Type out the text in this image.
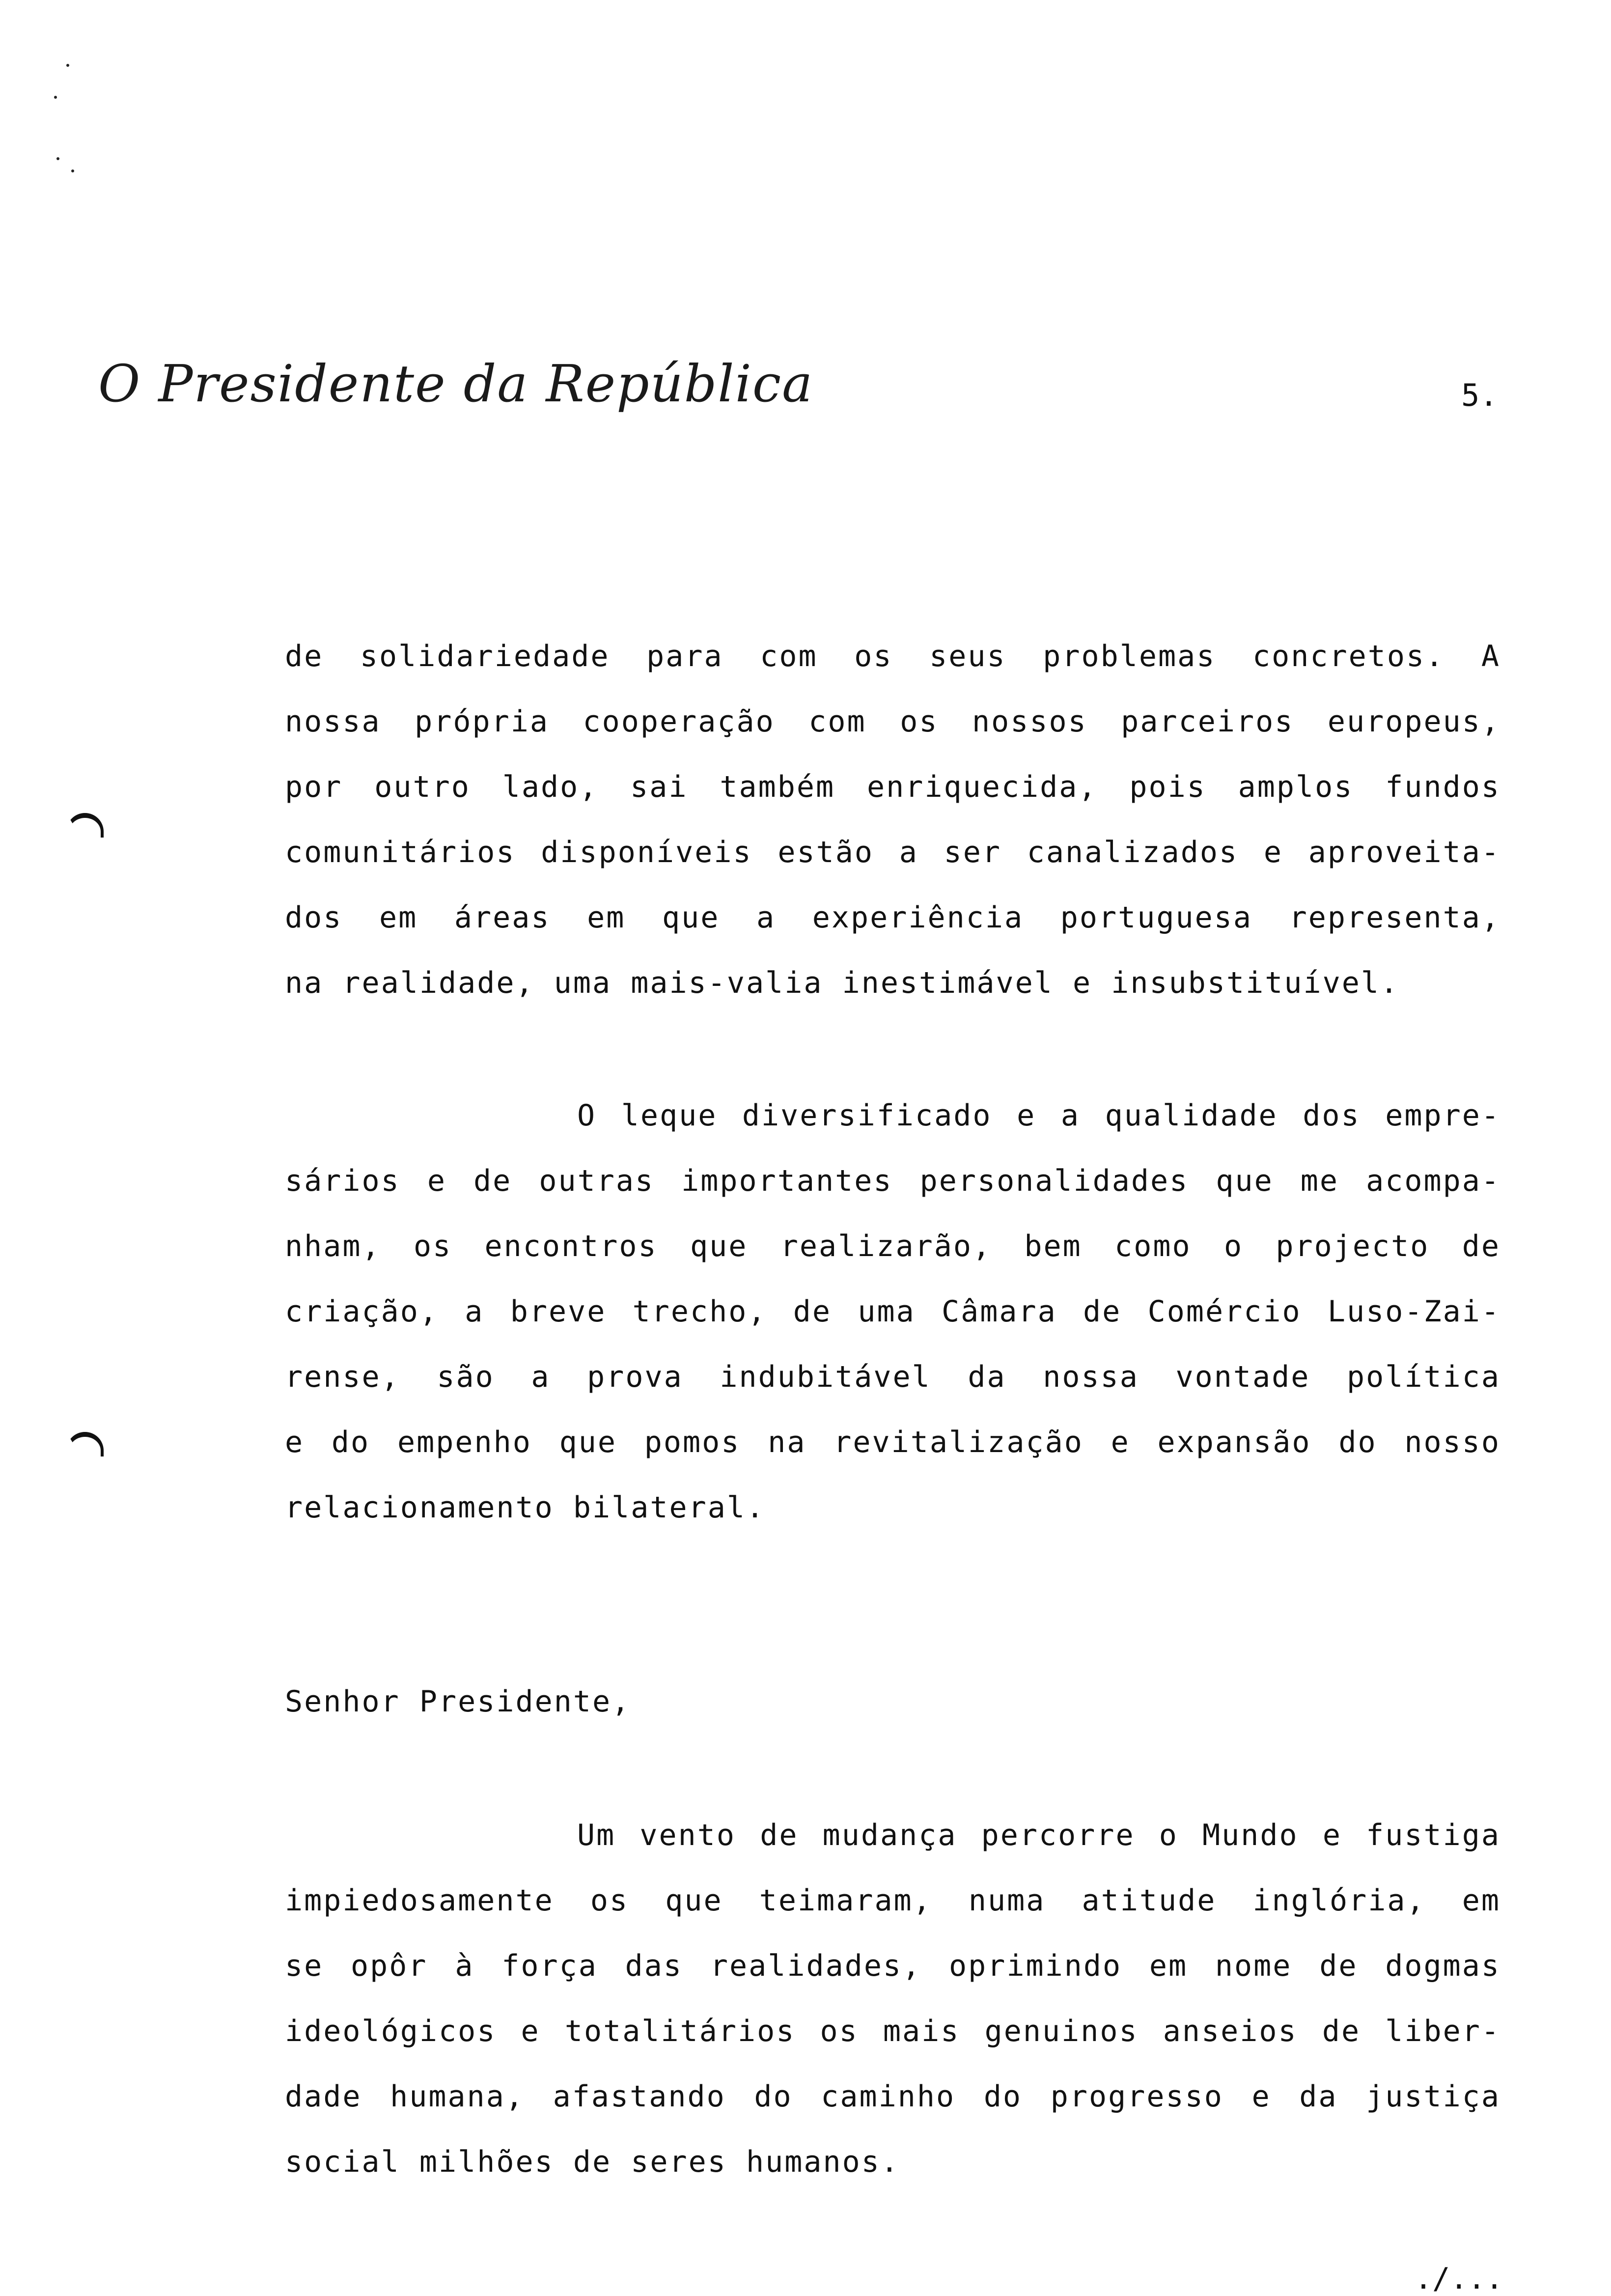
O Presidente da República	5.
de solidariedade para com os seus problemas concretos. A
nossa própria cooperação com os nossos parceiros europeus,
por outro lado, sai também enriquecida, pois amplos fundos
comunitários disponíveis estão a ser canalizados e aproveita-
dos em áreas em que a experiência portuguesa representa,
na realidade, uma mais-valia inestimável e insubstituível.
O leque diversificado e a qualidade dos empre-
sários e de outras importantes personalidades que me acompa-
nham, os encontros que realizarão, bem como o projecto de
criação, a breve trecho, de uma Câmara de Comércio Luso-Zai-
rense, são a prova indubitável da nossa vontade política
e do empenho que pomos na revitalização e expansão do nosso
relacionamento bilateral.
Senhor Presidente,
Um vento de mudança percorre o Mundo e fustiga
impiedosamente os que teimaram, numa atitude inglória, em
se opôr à força das realidades, oprimindo em nome de dogmas
ideológicos e totalitários os mais genuinos anseios de liber-
dade humana, afastando do caminho do progresso e da justiça
social milhões de seres humanos.
./...
